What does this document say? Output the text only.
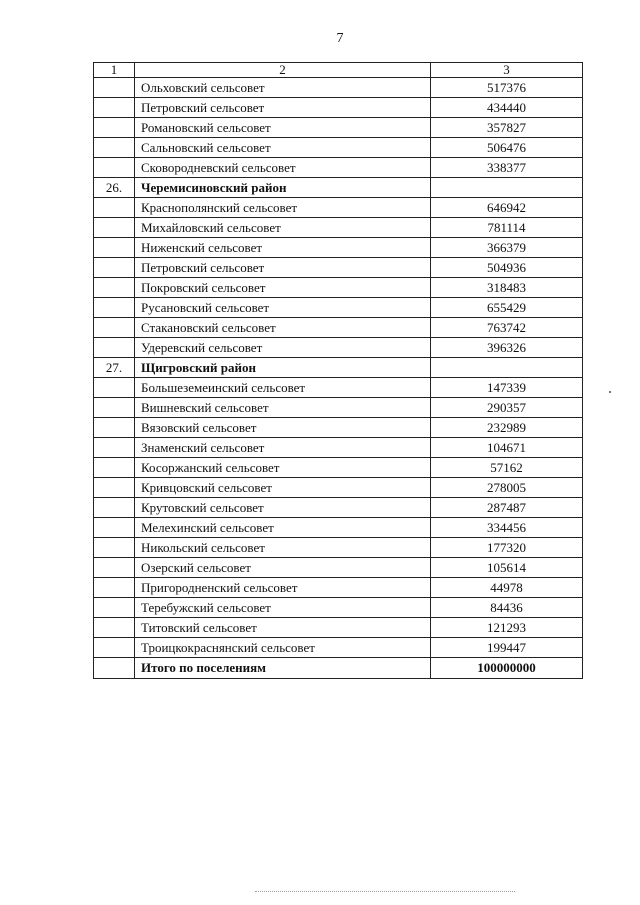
7
1	2	3
	Ольховский сельсовет	517376
	Петровский сельсовет	434440
	Романовский сельсовет	357827
	Сальновский сельсовет	506476
	Сковородневский сельсовет	338377
26.	Черемисиновский район	
	Краснополянский сельсовет	646942
	Михайловский сельсовет	781114
	Ниженский сельсовет	366379
	Петровский сельсовет	504936
	Покровский сельсовет	318483
	Русановский сельсовет	655429
	Стакановский сельсовет	763742
	Удеревский сельсовет	396326
27.	Щигровский район	
	Большеземеинский сельсовет	147339
	Вишневский сельсовет	290357
	Вязовский сельсовет	232989
	Знаменский сельсовет	104671
	Косоржанский сельсовет	57162
	Кривцовский сельсовет	278005
	Крутовский сельсовет	287487
	Мелехинский сельсовет	334456
	Никольский сельсовет	177320
	Озерский сельсовет	105614
	Пригородненский сельсовет	44978
	Теребужский сельсовет	84436
	Титовский сельсовет	121293
	Троицкокраснянский сельсовет	199447
	Итого по поселениям	100000000
